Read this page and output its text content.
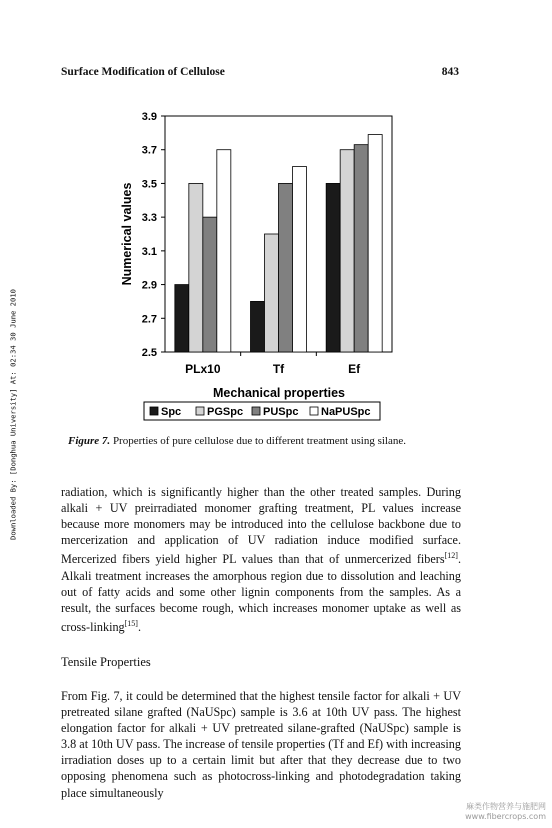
Surface Modification of Cellulose	843
Downloaded By: [Donghua University] At: 02:34 30 June 2010	2.5
2.7
2.9
3.1
3.3
3.5
3.7
3.9
PLx10	Tf	Ef
Mechanical properties
Numerical values
Spc PGSpc PUSpc NaPUSpc
Figure 7. Properties of pure cellulose due to different treatment using silane.
radiation, which is significantly higher than the other treated samples. During alkali + UV preirradiated monomer grafting treatment, PL values increase because more monomers may be introduced into the cellulose backbone due to mercerization and application of UV radiation induce modified surface. Mercerized fibers yield higher PL values than that of unmercerized fibers[12]. Alkali treatment increases the amorphous region due to dissolution and leaching out of fatty acids and some other lignin components from the samples. As a result, the surfaces become rough, which increases monomer uptake as well as cross-linking[15].
Tensile Properties
From Fig. 7, it could be determined that the highest tensile factor for alkali + UV pretreated silane grafted (NaUSpc) sample is 3.6 at 10th UV pass. The highest elongation factor for alkali + UV pretreated silane-grafted (NaUSpc) sample is 3.8 at 10th UV pass. The increase of tensile properties (Tf and Ef) with increasing irradiation doses up to a certain limit but after that they decrease due to two opposing phenomena such as photocross-linking and photodegradation taking place simultaneously
麻类作物营养与施肥网
www.fibercrops.com
